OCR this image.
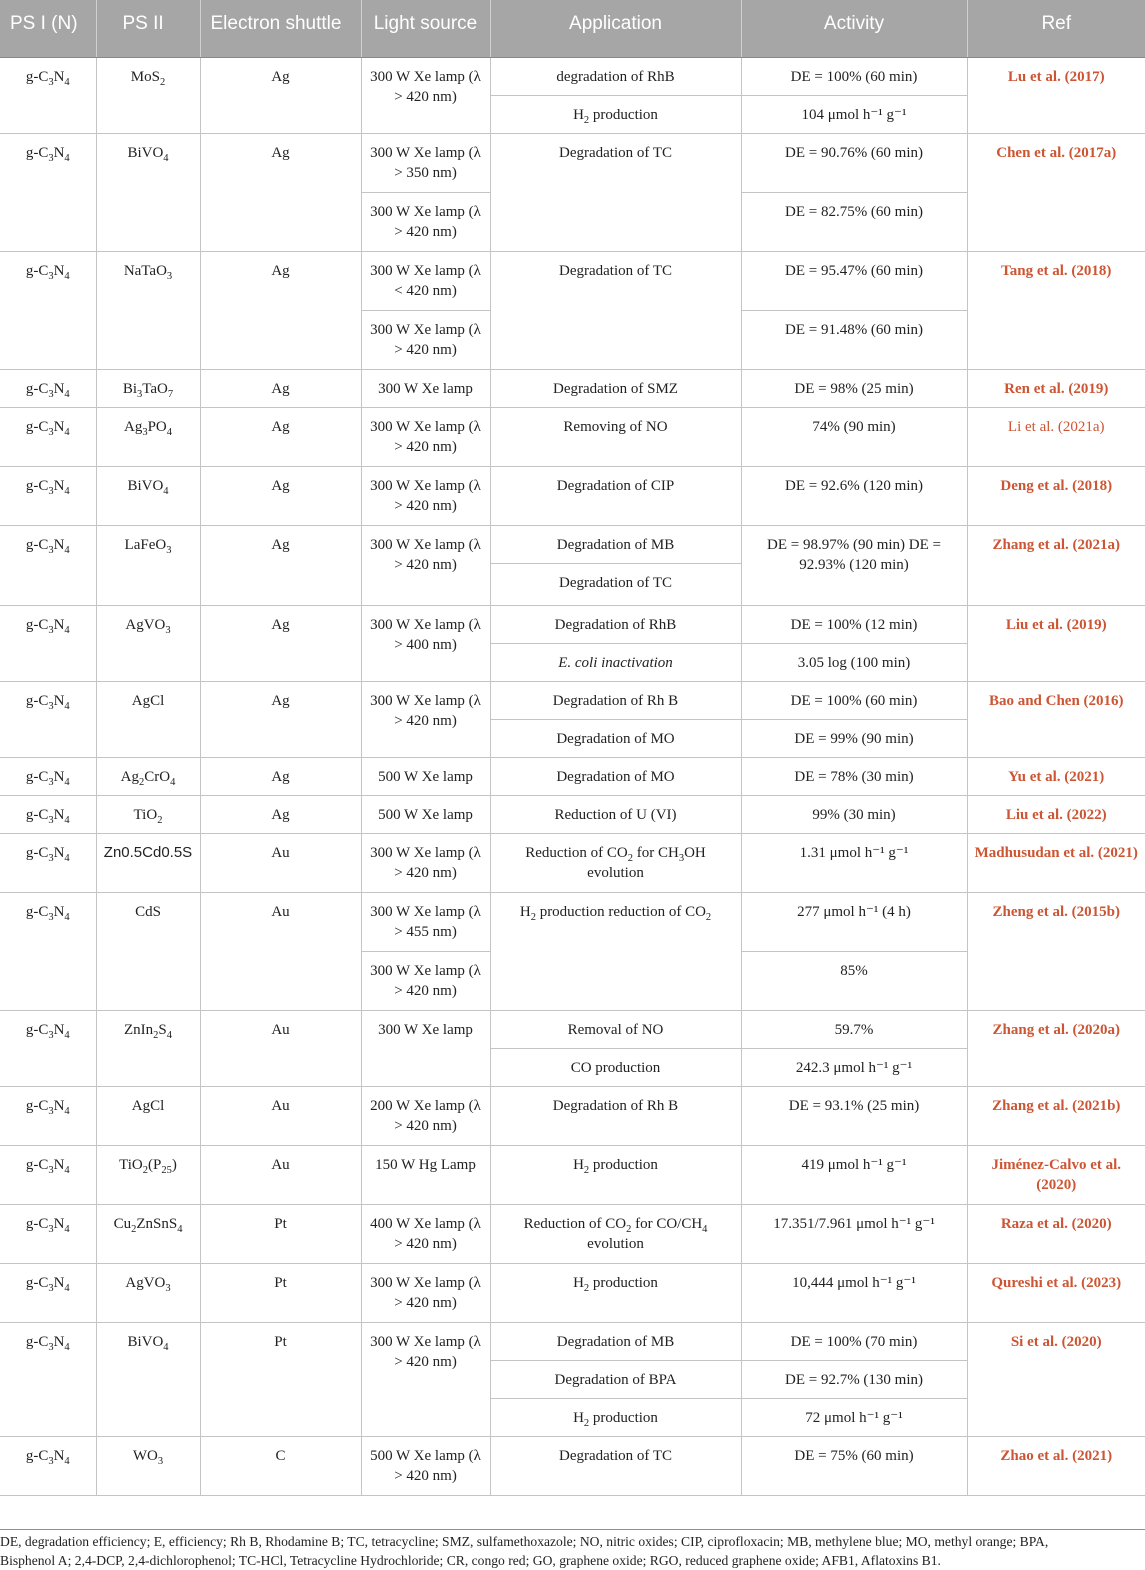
PS I (N)	PS II	Electron shuttle	Light source	Application	Activity	Ref
$g-C_3N_4$	MoS$_2$	Ag	300 W Xe lamp (λ > 420 nm)	degradation of RhB	DE = 100% (60 min)	Lu et al. (2017)
				$H_2$ production	104 μmol h⁻¹ g⁻¹	
$g-C_3N_4$	BiVO$_4$	Ag	300 W Xe lamp (λ > 350 nm)	Degradation of TC	DE = 90.76% (60 min)	Chen et al. (2017a)
			300 W Xe lamp (λ > 420 nm)		DE = 82.75% (60 min)	
$g-C_3N_4$	NaTaO$_3$	Ag	300 W Xe lamp (λ < 420 nm)	Degradation of TC	DE = 95.47% (60 min)	Tang et al. (2018)
			300 W Xe lamp (λ > 420 nm)		DE = 91.48% (60 min)	
$g-C_3N_4$	$Bi_3TaO_7$	Ag	300 W Xe lamp	Degradation of SMZ	DE = 98% (25 min)	Ren et al. (2019)
$g-C_3N_4$	$Ag_3PO_4$	Ag	300 W Xe lamp (λ > 420 nm)	Removing of NO	74% (90 min)	Li et al. (2021a)
$g-C_3N_4$	BiVO$_4$	Ag	300 W Xe lamp (λ > 420 nm)	Degradation of CIP	DE = 92.6% (120 min)	Deng et al. (2018)
$g-C_3N_4$	LaFeO$_3$	Ag	300 W Xe lamp (λ > 420 nm)	Degradation of MB	DE = 98.97% (90 min) DE = 92.93% (120 min)	Zhang et al. (2021a)
				Degradation of TC		
$g-C_3N_4$	AgVO$_3$	Ag	300 W Xe lamp (λ > 400 nm)	Degradation of RhB	DE = 100% (12 min)	Liu et al. (2019)
				E. coli inactivation	3.05 log (100 min)	
$g-C_3N_4$	AgCl	Ag	300 W Xe lamp (λ > 420 nm)	Degradation of Rh B	DE = 100% (60 min)	Bao and Chen (2016)
				Degradation of MO	DE = 99% (90 min)	
$g-C_3N_4$	$Ag_2CrO_4$	Ag	500 W Xe lamp	Degradation of MO	DE = 78% (30 min)	Yu et al. (2021)
$g-C_3N_4$	TiO$_2$	Ag	500 W Xe lamp	Reduction of U (VI)	99% (30 min)	Liu et al. (2022)
$g-C_3N_4$	Zn0.5Cd0.5S	Au	300 W Xe lamp (λ > 420 nm)	Reduction of $CO_2$ for $CH_3OH$ evolution	1.31 μmol h⁻¹ g⁻¹	Madhusudan et al. (2021)
$g-C_3N_4$	CdS	Au	300 W Xe lamp (λ > 455 nm)	$H_2$ production reduction of $CO_2$	277 μmol h⁻¹ (4 h)	Zheng et al. (2015b)
			300 W Xe lamp (λ > 420 nm)		85%	
$g-C_3N_4$	$ZnIn_2S_4$	Au	300 W Xe lamp	Removal of NO	59.7%	Zhang et al. (2020a)
				CO production	242.3 μmol h⁻¹ g⁻¹	
$g-C_3N_4$	AgCl	Au	200 W Xe lamp (λ > 420 nm)	Degradation of Rh B	DE = 93.1% (25 min)	Zhang et al. (2021b)
$g-C_3N_4$	$TiO_2(P_{25})$	Au	150 W Hg Lamp	$H_2$ production	419 μmol h⁻¹ g⁻¹	Jiménez-Calvo et al. (2020)
$g-C_3N_4$	$Cu_2ZnSnS_4$	Pt	400 W Xe lamp (λ > 420 nm)	Reduction of $CO_2$ for $CO/CH_4$ evolution	17.351/7.961 μmol h⁻¹ g⁻¹	Raza et al. (2020)
$g-C_3N_4$	AgVO$_3$	Pt	300 W Xe lamp (λ > 420 nm)	$H_2$ production	10,444 μmol h⁻¹ g⁻¹	Qureshi et al. (2023)
$g-C_3N_4$	BiVO$_4$	Pt	300 W Xe lamp (λ > 420 nm)	Degradation of MB	DE = 100% (70 min)	Si et al. (2020)
				Degradation of BPA	DE = 92.7% (130 min)	
				$H_2$ production	72 μmol h⁻¹ g⁻¹	
$g-C_3N_4$	$WO_3$	C	500 W Xe lamp (λ > 420 nm)	Degradation of TC	DE = 75% (60 min)	Zhao et al. (2021)
DE, degradation efficiency; E, efficiency; Rh B, Rhodamine B; TC, tetracycline; SMZ, sulfamethoxazole; NO, nitric oxides; CIP, ciprofloxacin; MB, methylene blue; MO, methyl orange; BPA,
Bisphenol A; 2,4-DCP, 2,4-dichlorophenol; TC-HCl, Tetracycline Hydrochloride; CR, congo red; GO, graphene oxide; RGO, reduced graphene oxide; AFB1, Aflatoxins B1.
